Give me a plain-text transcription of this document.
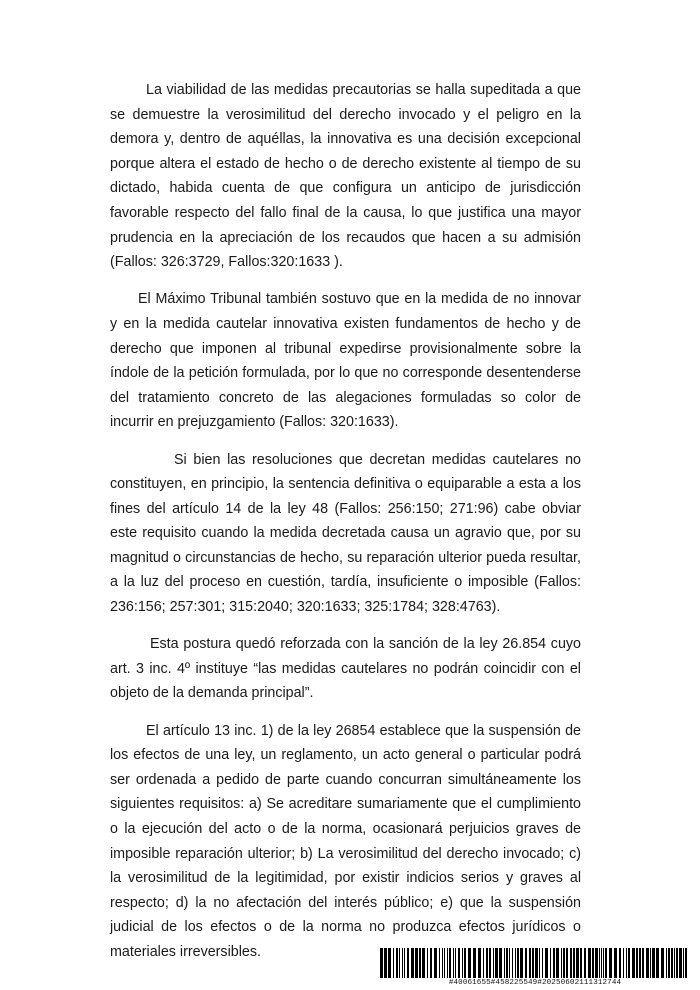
La viabilidad de las medidas precautorias se halla supeditada a que se demuestre la verosimilitud del derecho invocado y el peligro en la demora y, dentro de aquéllas, la innovativa es una decisión excepcional porque altera el estado de hecho o de derecho existente al tiempo de su dictado, habida cuenta de que configura un anticipo de jurisdicción favorable respecto del fallo final de la causa, lo que justifica una mayor prudencia en la apreciación de los recaudos que hacen a su admisión (Fallos: 326:3729, Fallos:320:1633 ).

El Máximo Tribunal también sostuvo que en la medida de no innovar y en la medida cautelar innovativa existen fundamentos de hecho y de derecho que imponen al tribunal expedirse provisionalmente sobre la índole de la petición formulada, por lo que no corresponde desentenderse del tratamiento concreto de las alegaciones formuladas so color de incurrir en prejuzgamiento (Fallos: 320:1633).

Si bien las resoluciones que decretan medidas cautelares no constituyen, en principio, la sentencia definitiva o equiparable a esta a los fines del artículo 14 de la ley 48 (Fallos: 256:150; 271:96) cabe obviar este requisito cuando la medida decretada causa un agravio que, por su magnitud o circunstancias de hecho, su reparación ulterior pueda resultar, a la luz del proceso en cuestión, tardía, insuficiente o imposible (Fallos: 236:156; 257:301; 315:2040; 320:1633; 325:1784; 328:4763).

Esta postura quedó reforzada con la sanción de la ley 26.854 cuyo art. 3 inc. 4º instituye “las medidas cautelares no podrán coincidir con el objeto de la demanda principal”.

El artículo 13 inc. 1) de la ley 26854 establece que la suspensión de los efectos de una ley, un reglamento, un acto general o particular podrá ser ordenada a pedido de parte cuando concurran simultáneamente los siguientes requisitos: a) Se acreditare sumariamente que el cumplimiento o la ejecución del acto o de la norma, ocasionará perjuicios graves de imposible reparación ulterior; b) La verosimilitud del derecho invocado; c) la verosimilitud de la legitimidad, por existir indicios serios y graves al respecto; d) la no afectación del interés público; e) que la suspensión judicial de los efectos o de la norma no produzca efectos jurídicos o materiales irreversibles.

#40061655#458225549#20250602111312744
